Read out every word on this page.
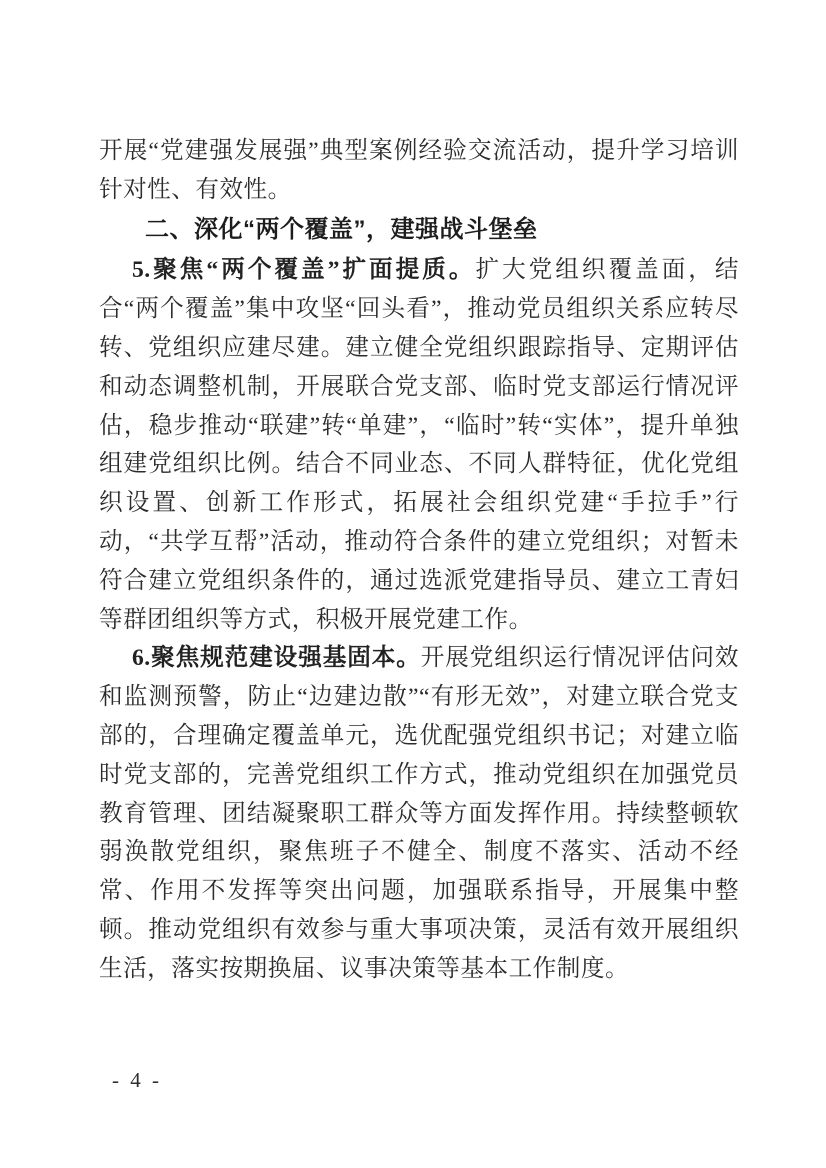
开展“党建强发展强”典型案例经验交流活动，提升学习培训针对性、有效性。

二、深化“两个覆盖”，建强战斗堡垒

5.聚焦“两个覆盖”扩面提质。扩大党组织覆盖面，结合“两个覆盖”集中攻坚“回头看”，推动党员组织关系应转尽转、党组织应建尽建。建立健全党组织跟踪指导、定期评估和动态调整机制，开展联合党支部、临时党支部运行情况评估，稳步推动“联建”转“单建”，“临时”转“实体”，提升单独组建党组织比例。结合不同业态、不同人群特征，优化党组织设置、创新工作形式，拓展社会组织党建“手拉手”行动，“共学互帮”活动，推动符合条件的建立党组织；对暂未符合建立党组织条件的，通过选派党建指导员、建立工青妇等群团组织等方式，积极开展党建工作。

6.聚焦规范建设强基固本。开展党组织运行情况评估问效和监测预警，防止“边建边散”“有形无效”，对建立联合党支部的，合理确定覆盖单元，选优配强党组织书记；对建立临时党支部的，完善党组织工作方式，推动党组织在加强党员教育管理、团结凝聚职工群众等方面发挥作用。持续整顿软弱涣散党组织，聚焦班子不健全、制度不落实、活动不经常、作用不发挥等突出问题，加强联系指导，开展集中整顿。推动党组织有效参与重大事项决策，灵活有效开展组织生活，落实按期换届、议事决策等基本工作制度。

- 4 -
